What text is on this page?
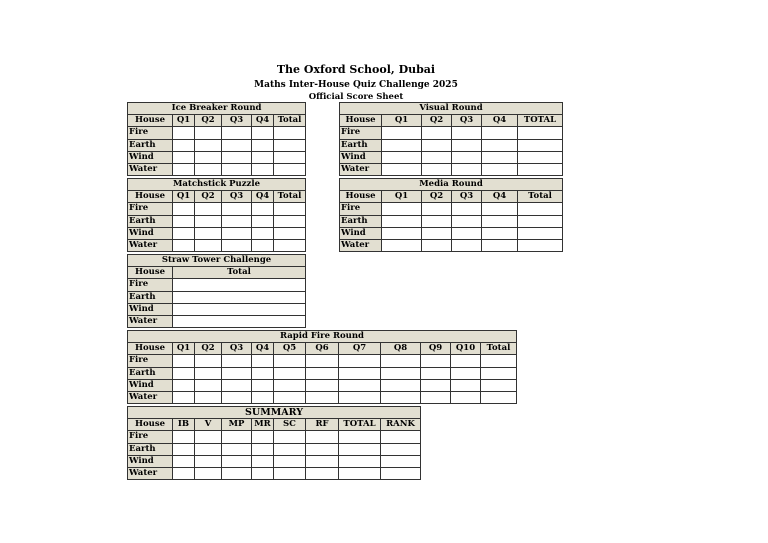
The Oxford School, Dubai
Maths Inter-House Quiz Challenge 2025
Official Score Sheet
Ice Breaker Round					
House	Q1	Q2	Q3	Q4	Total
Fire					
Earth					
Wind					
Water					
Visual Round					
House	Q1	Q2	Q3	Q4	TOTAL
Fire					
Earth					
Wind					
Water					
Matchstick Puzzle					
House	Q1	Q2	Q3	Q4	Total
Fire					
Earth					
Wind					
Water					
Media Round					
House	Q1	Q2	Q3	Q4	Total
Fire					
Earth					
Wind					
Water					
Straw Tower Challenge	
House	Total
Fire	
Earth	
Wind	
Water	
Rapid Fire Round											
House	Q1	Q2	Q3	Q4	Q5	Q6	Q7	Q8	Q9	Q10	Total
Fire											
Earth											
Wind											
Water											
SUMMARY								
House	IB	V	MP	MR	SC	RF	TOTAL	RANK
Fire								
Earth								
Wind								
Water								
